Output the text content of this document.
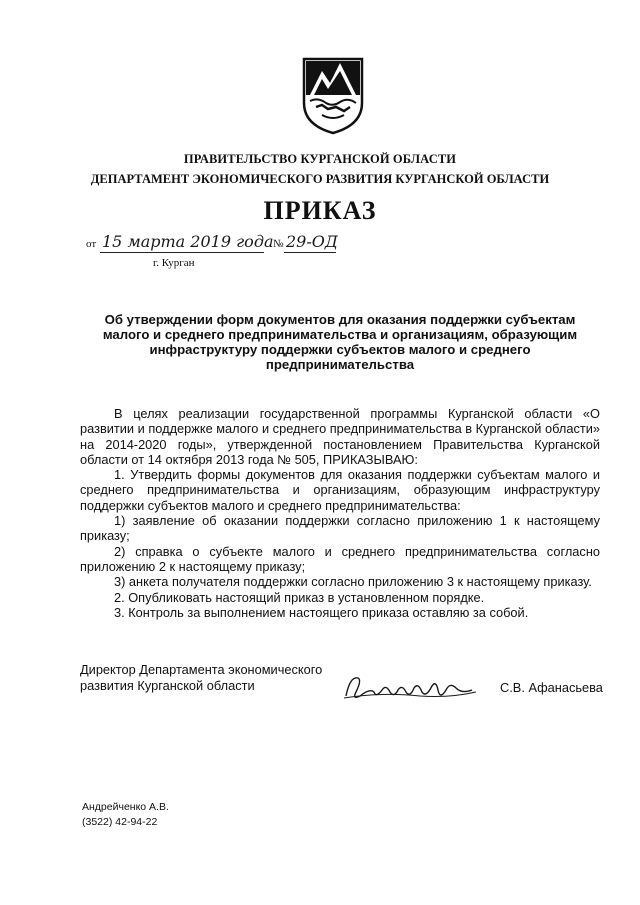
ПРАВИТЕЛЬСТВО КУРГАНСКОЙ ОБЛАСТИ
ДЕПАРТАМЕНТ ЭКОНОМИЧЕСКОГО РАЗВИТИЯ КУРГАНСКОЙ ОБЛАСТИ
ПРИКАЗ
от 15 марта 2019 года № 29-ОД
г. Курган
Об утверждении форм документов для оказания поддержки субъектам малого и среднего предпринимательства и организациям, образующим инфраструктуру поддержки субъектов малого и среднего предпринимательства

В целях реализации государственной программы Курганской области «О развитии и поддержке малого и среднего предпринимательства в Курганской области» на 2014-2020 годы», утвержденной постановлением Правительства Курганской области от 14 октября 2013 года № 505, ПРИКАЗЫВАЮ:

1. Утвердить формы документов для оказания поддержки субъектам малого и среднего предпринимательства и организациям, образующим инфраструктуру поддержки субъектов малого и среднего предпринимательства:

1) заявление об оказании поддержки согласно приложению 1 к настоящему приказу;

2) справка о субъекте малого и среднего предпринимательства согласно приложению 2 к настоящему приказу;

3) анкета получателя поддержки согласно приложению 3 к настоящему приказу.

2. Опубликовать настоящий приказ в установленном порядке.

3. Контроль за выполнением настоящего приказа оставляю за собой.

Директор Департамента экономического
развития Курганской области	С.В. Афанасьева
Андрейченко А.В.
(3522) 42-94-22
